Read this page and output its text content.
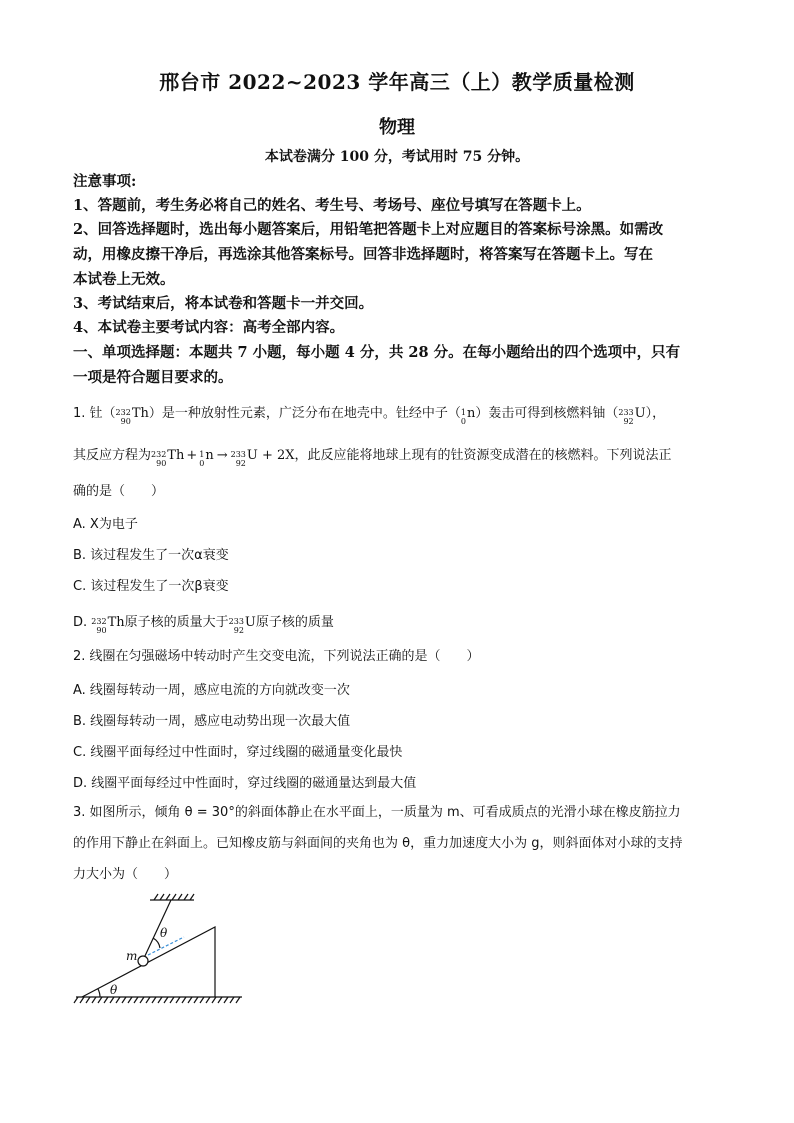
邢台市 2022~2023 学年高三（上）教学质量检测
物理
本试卷满分 100 分，考试用时 75 分钟。
注意事项:
1、答题前，考生务必将自己的姓名、考生号、考场号、座位号填写在答题卡上。
2、回答选择题时，选出每小题答案后，用铅笔把答题卡上对应题目的答案标号涂黑。如需改
动，用橡皮擦干净后，再选涂其他答案标号。回答非选择题时，将答案写在答题卡上。写在
本试卷上无效。
3、考试结束后，将本试卷和答题卡一并交回。
4、本试卷主要考试内容：高考全部内容。
一、单项选择题：本题共 7 小题，每小题 4 分，共 28 分。在每小题给出的四个选项中，只有
一项是符合题目要求的。
1. 钍（ 232
90
Th）是一种放射性元素，广泛分布在地壳中。钍经中子（ 1
0
n）轰击可得到核燃料铀（ 233
92
U），
其反应方程为 232
90
Th + 1
0
n → 233
92
U + 2X，此反应能将地球上现有的钍资源变成潜在的核燃料。下列说法正
确的是（　　）
A. X为电子
B. 该过程发生了一次α衰变
C. 该过程发生了一次β衰变
D. 232
90
Th原子核的质量大于 233
92
U原子核的质量
2. 线圈在匀强磁场中转动时产生交变电流，下列说法正确的是（　　）
A. 线圈每转动一周，感应电流的方向就改变一次
B. 线圈每转动一周，感应电动势出现一次最大值
C. 线圈平面每经过中性面时，穿过线圈的磁通量变化最快
D. 线圈平面每经过中性面时，穿过线圈的磁通量达到最大值
3. 如图所示，倾角 θ = 30°的斜面体静止在水平面上，一质量为 m、可看成质点的光滑小球在橡皮筋拉力
的作用下静止在斜面上。已知橡皮筋与斜面间的夹角也为 θ，重力加速度大小为 g，则斜面体对小球的支持
力大小为（　　）
θ
m
θ
